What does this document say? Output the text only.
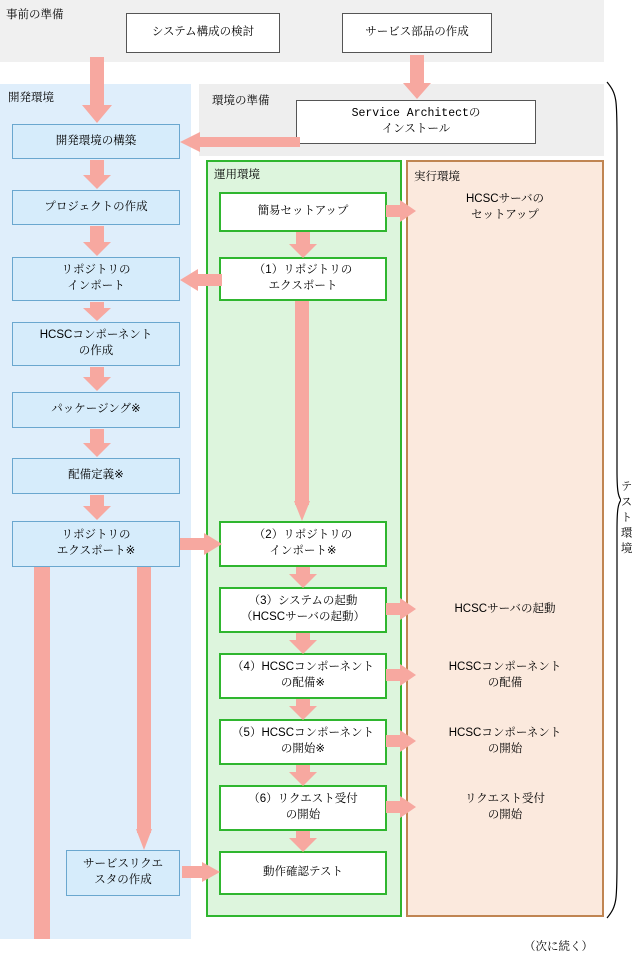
事前の準備
開発環境	環境の準備
運用環境	実行環境
システム構成の検討	サービス部品の作成
Service Architectの
インストール
開発環境の構築
プロジェクトの作成
リポジトリの
インポート
HCSCコンポーネント
の作成
パッケージング※
配備定義※
リポジトリの
エクスポート※
サービスリクエ
スタの作成
簡易セットアップ
（1）リポジトリの
エクスポート
（2）リポジトリの
インポート※
（3）システムの起動
（HCSCサーバの起動）
（4）HCSCコンポーネント
の配備※
（5）HCSCコンポーネント
の開始※
（6）リクエスト受付
の開始
動作確認テスト
HCSCサーバの
セットアップ
HCSCサーバの起動
HCSCコンポーネント
の配備
HCSCコンポーネント
の開始
リクエスト受付
の開始
テスト環境
（次に続く）
